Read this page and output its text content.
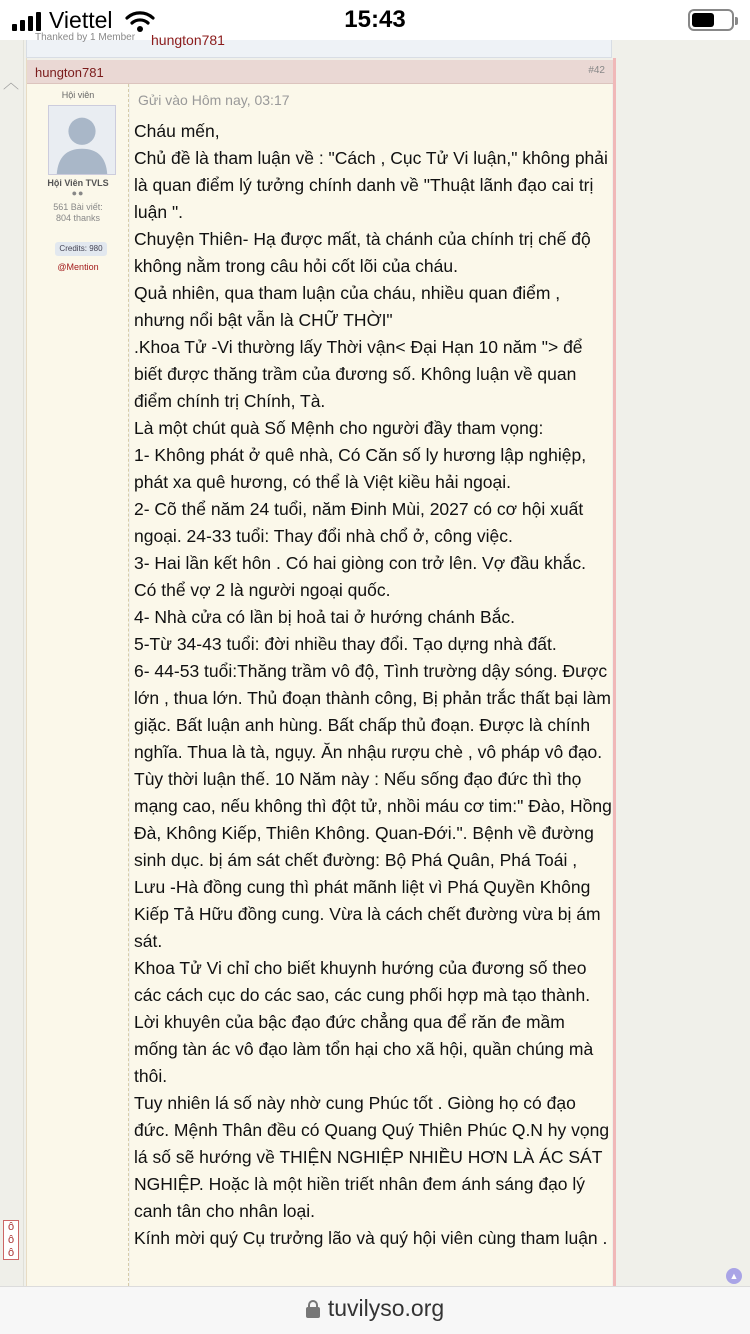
Viettel	15:43
︿
ô
ô
ô
Thanked by 1 Member hungton781
hungton781	#42
Hội viên
Hội Viên TVLS
●●
561 Bài viết:
804 thanks
Credits: 980
@Mention
Gửi vào Hôm nay, 03:17

Cháu mến,

Chủ đề là tham luận về : "Cách , Cục Tử Vi luận," không phải là quan điểm lý tưởng chính danh về "Thuật lãnh đạo cai trị luận ".

Chuyện Thiên- Hạ được mất, tà chánh của chính trị chế độ không nằm trong câu hỏi cốt lõi của cháu.

Quả nhiên, qua tham luận của cháu, nhiều quan điểm , nhưng nổi bật vẫn là CHỮ THỜI"

.Khoa Tử -Vi thường lấy Thời vận< Đại Hạn 10 năm "> để biết được thăng trầm của đương số. Không luận về quan điểm chính trị Chính, Tà.

Là một chút quà Số Mệnh cho người đầy tham vọng:

1- Không phát ở quê nhà, Có Căn số ly hương lập nghiệp, phát xa quê hương, có thể là Việt kiều hải ngoại.

2- Cõ thể năm 24 tuổi, năm Đinh Mùi, 2027 có cơ hội xuất ngoại. 24-33 tuổi: Thay đổi nhà chổ ở, công việc.

3- Hai lần kết hôn . Có hai giòng con trở lên. Vợ đầu khắc. Có thể vợ 2 là người ngoại quốc.

4- Nhà cửa có lần bị hoả tai ở hướng chánh Bắc.

5-Từ 34-43 tuổi: đời nhiều thay đổi. Tạo dựng nhà đất.

6- 44-53 tuổi:Thăng trầm vô độ, Tình trường dậy sóng. Được lớn , thua lớn. Thủ đoạn thành công, Bị phản trắc thất bại làm giặc. Bất luận anh hùng. Bất chấp thủ đoạn. Được là chính nghĩa. Thua là tà, ngụy. Ăn nhậu rượu chè , vô pháp vô đạo. Tùy thời luận thế. 10 Năm này : Nếu sống đạo đức thì thọ mạng cao, nếu không thì đột tử, nhồi máu cơ tim:" Đào, Hồng Đà, Không Kiếp, Thiên Không. Quan-Đới.". Bệnh về đường sinh dục. bị ám sát chết đường: Bộ Phá Quân, Phá Toái , Lưu -Hà đồng cung thì phát mãnh liệt vì Phá Quyền Không Kiếp Tả Hữu đồng cung. Vừa là cách chết đường vừa bị ám sát.

Khoa Tử Vi chỉ cho biết khuynh hướng của đương số theo các cách cục do các sao, các cung phối hợp mà tạo thành. Lời khuyên của bậc đạo đức chẳng qua để răn đe mầm mống tàn ác vô đạo làm tổn hại cho xã hội, quần chúng mà thôi.

Tuy nhiên lá số này nhờ cung Phúc tốt . Giòng họ có đạo đức. Mệnh Thân đều có Quang Quý Thiên Phúc Q.N hy vọng lá số sẽ hướng về THIỆN NGHIỆP NHIỀU HƠN LÀ ÁC SÁT NGHIỆP. Hoặc là một hiền triết nhân đem ánh sáng đạo lý canh tân cho nhân loại.

Kính mời quý Cụ trưởng lão và quý hội viên cùng tham luận .

▲
tuvilyso.org
